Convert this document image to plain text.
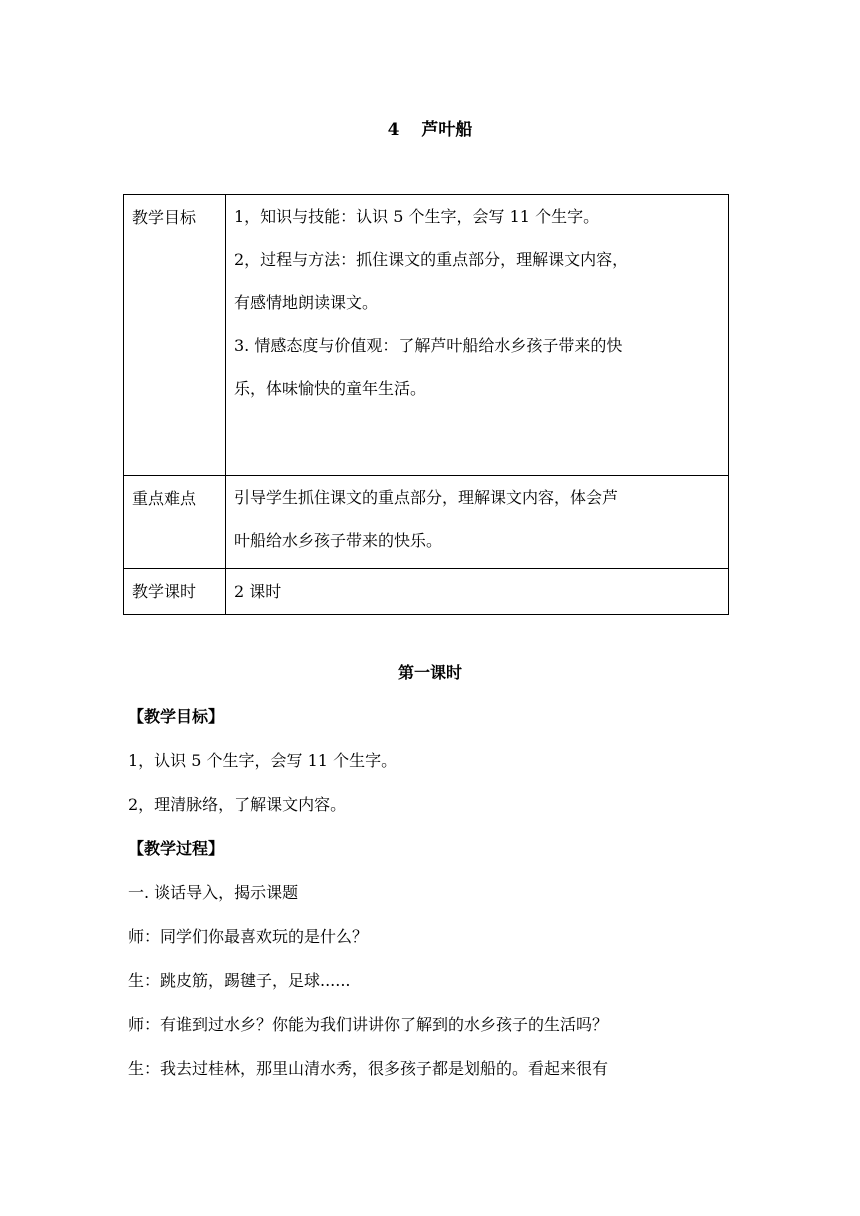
4 芦叶船
教学目标	1，知识与技能：认识 5 个生字，会写 11 个生字。
2，过程与方法：抓住课文的重点部分，理解课文内容，
有感情地朗读课文。
3. 情感态度与价值观：了解芦叶船给水乡孩子带来的快
乐，体味愉快的童年生活。

重点难点	引导学生抓住课文的重点部分，理解课文内容，体会芦
叶船给水乡孩子带来的快乐。

教学课时	2 课时
第一课时

【教学目标】

1，认识 5 个生字，会写 11 个生字。

2，理清脉络，了解课文内容。

【教学过程】

一. 谈话导入，揭示课题

师：同学们你最喜欢玩的是什么？

生：跳皮筋，踢毽子，足球......

师：有谁到过水乡？你能为我们讲讲你了解到的水乡孩子的生活吗？

生：我去过桂林，那里山清水秀，很多孩子都是划船的。看起来很有
